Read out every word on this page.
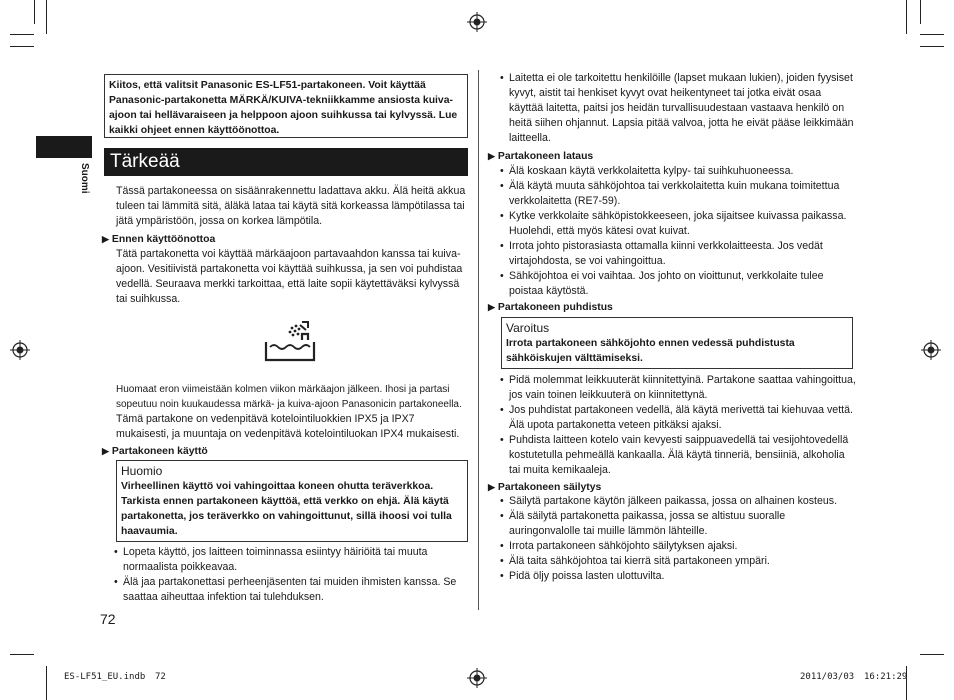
Suomi
Kiitos, että valitsit Panasonic ES-LF51-partakoneen. Voit käyttää Panasonic-partakonetta MÄRKÄ/KUIVA-tekniikkamme ansiosta kuiva-ajoon tai hellävaraiseen ja helppoon ajoon suihkussa tai kylvyssä. Lue kaikki ohjeet ennen käyttöönottoa.
Tärkeää
Tässä partakoneessa on sisäänrakennettu ladattava akku. Älä heitä akkua tuleen tai lämmitä sitä, äläkä lataa tai käytä sitä korkeassa lämpötilassa tai jätä ympäristöön, jossa on korkea lämpötila.
▶ Ennen käyttöönottoa
Tätä partakonetta voi käyttää märkäajoon partavaahdon kanssa tai kuiva-ajoon. Vesitiivistä partakonetta voi käyttää suihkussa, ja sen voi puhdistaa vedellä. Seuraava merkki tarkoittaa, että laite sopii käytettäväksi kylvyssä tai suihkussa.
Huomaat eron viimeistään kolmen viikon märkäajon jälkeen. Ihosi ja partasi sopeutuu noin kuukaudessa märkä- ja kuiva-ajoon Panasonicin partakoneella.
Tämä partakone on vedenpitävä kotelointiluokkien IPX5 ja IPX7 mukaisesti, ja muuntaja on vedenpitävä kotelointiluokan IPX4 mukaisesti.
▶ Partakoneen käyttö
Huomio
Virheellinen käyttö voi vahingoittaa koneen ohutta teräverkkoa. Tarkista ennen partakoneen käyttöä, että verkko on ehjä. Älä käytä partakonetta, jos teräverkko on vahingoittunut, sillä ihoosi voi tulla haavaumia.
• Lopeta käyttö, jos laitteen toiminnassa esiintyy häiriöitä tai muuta normaalista poikkeavaa.
• Älä jaa partakonettasi perheenjäsenten tai muiden ihmisten kanssa. Se saattaa aiheuttaa infektion tai tulehduksen.
72
• Laitetta ei ole tarkoitettu henkilöille (lapset mukaan lukien), joiden fyysiset kyvyt, aistit tai henkiset kyvyt ovat heikentyneet tai jotka eivät osaa käyttää laitetta, paitsi jos heidän turvallisuudestaan vastaava henkilö on heitä siihen ohjannut. Lapsia pitää valvoa, jotta he eivät pääse leikkimään laitteella.
▶ Partakoneen lataus
• Älä koskaan käytä verkkolaitetta kylpy- tai suihkuhuoneessa.
• Älä käytä muuta sähköjohtoa tai verkkolaitetta kuin mukana toimitettua verkkolaitetta (RE7-59).
• Kytke verkkolaite sähköpistokkeeseen, joka sijaitsee kuivassa paikassa. Huolehdi, että myös kätesi ovat kuivat.
• Irrota johto pistorasiasta ottamalla kiinni verkkolaitteesta. Jos vedät virtajohdosta, se voi vahingoittua.
• Sähköjohtoa ei voi vaihtaa. Jos johto on vioittunut, verkkolaite tulee poistaa käytöstä.
▶ Partakoneen puhdistus
Varoitus
Irrota partakoneen sähköjohto ennen vedessä puhdistusta sähköiskujen välttämiseksi.
• Pidä molemmat leikkuuterät kiinnitettyinä. Partakone saattaa vahingoittua, jos vain toinen leikkuuterä on kiinnitettynä.
• Jos puhdistat partakoneen vedellä, älä käytä merivettä tai kiehuvaa vettä. Älä upota partakonetta veteen pitkäksi ajaksi.
• Puhdista laitteen kotelo vain kevyesti saippuavedellä tai vesijohtovedellä kostutetulla pehmeällä kankaalla. Älä käytä tinneriä, bensiiniä, alkoholia tai muita kemikaaleja.
▶ Partakoneen säilytys
• Säilytä partakone käytön jälkeen paikassa, jossa on alhainen kosteus.
• Älä säilytä partakonetta paikassa, jossa se altistuu suoralle auringonvalolle tai muille lämmön lähteille.
• Irrota partakoneen sähköjohto säilytyksen ajaksi.
• Älä taita sähköjohtoa tai kierrä sitä partakoneen ympäri.
• Pidä öljy poissa lasten ulottuvilta.
ES-LF51_EU.indb 72	2011/03/03 16:21:29
